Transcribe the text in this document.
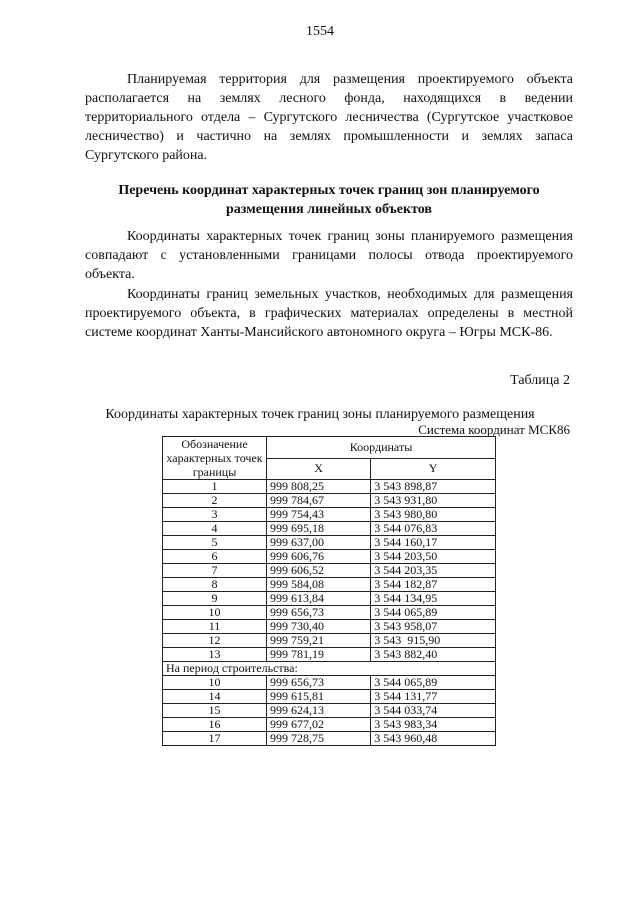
1554

Планируемая территория для размещения проектируемого объекта располагается на землях лесного фонда, находящихся в ведении территориального отдела – Сургутского лесничества (Сургутское участковое лесничество) и частично на землях промышленности и землях запаса Сургутского района.

Перечень координат характерных точек границ зон планируемого размещения линейных объектов

Координаты характерных точек границ зоны планируемого размещения совпадают с установленными границами полосы отвода проектируемого объекта.

Координаты границ земельных участков, необходимых для размещения проектируемого объекта, в графических материалах определены в местной системе координат Ханты-Мансийского автономного округа – Югры МСК-86.

Таблица 2
Координаты характерных точек границ зоны планируемого размещения
Система координат МСК86
Обозначение характерных точек границы	Координаты	
	X	Y
1	999 808,25	3 543 898,87
2	999 784,67	3 543 931,80
3	999 754,43	3 543 980,80
4	999 695,18	3 544 076,83
5	999 637,00	3 544 160,17
6	999 606,76	3 544 203,50
7	999 606,52	3 544 203,35
8	999 584,08	3 544 182,87
9	999 613,84	3 544 134,95
10	999 656,73	3 544 065,89
11	999 730,40	3 543 958,07
12	999 759,21	3 543  915,90
13	999 781,19	3 543 882,40
На период строительства:		
10	999 656,73	3 544 065,89
14	999 615,81	3 544 131,77
15	999 624,13	3 544 033,74
16	999 677,02	3 543 983,34
17	999 728,75	3 543 960,48
